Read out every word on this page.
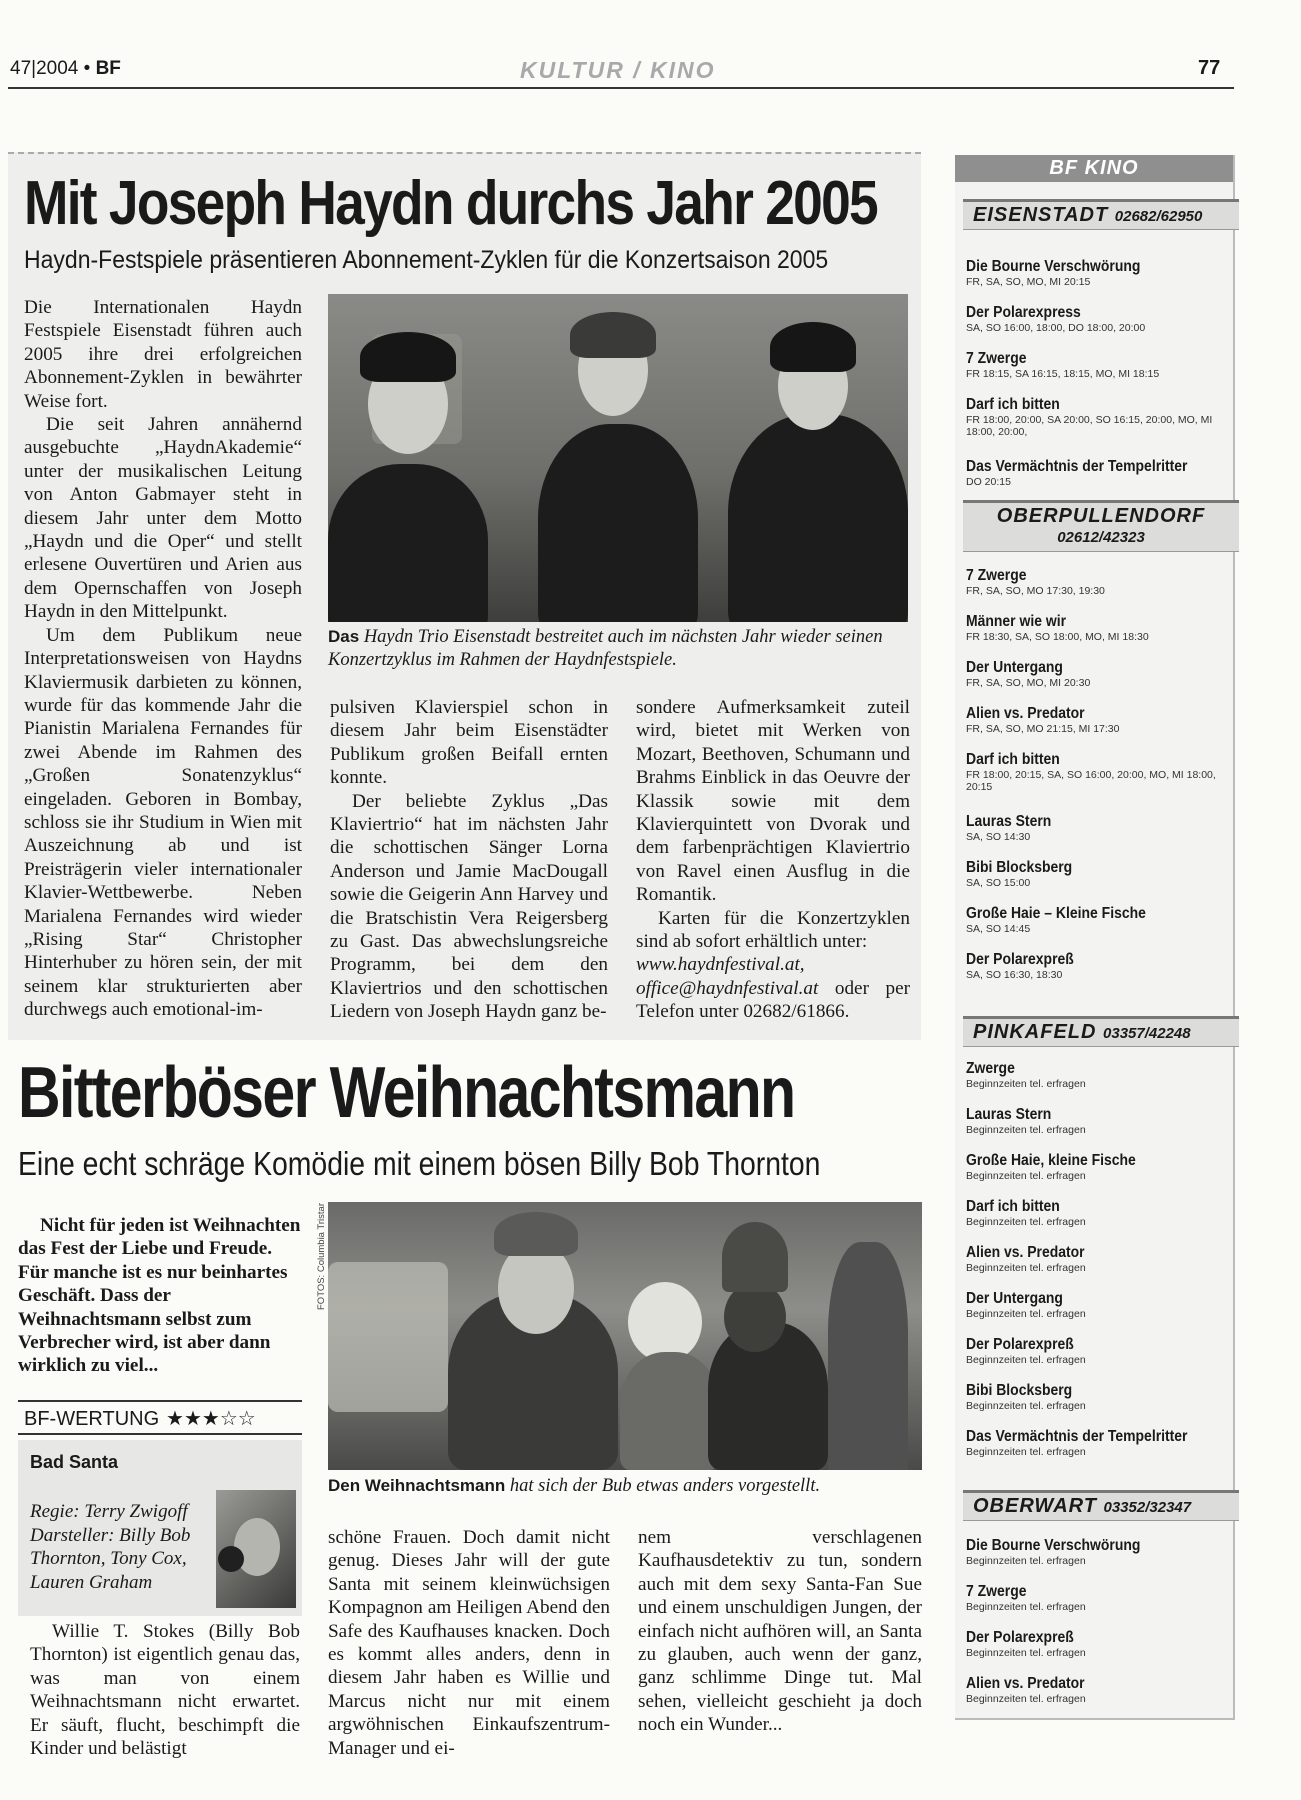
47|2004 • BF	KULTUR / KINO	77
Mit Joseph Haydn durchs Jahr 2005
Haydn-Festspiele präsentieren Abonnement-Zyklen für die Konzertsaison 2005

Die Internationalen Haydn Festspiele Eisenstadt führen auch 2005 ihre drei erfolgreichen Abonnement-Zyklen in bewährter Weise fort.

Die seit Jahren annähernd ausgebuchte „HaydnAkademie“ unter der musikalischen Leitung von Anton Gabmayer steht in diesem Jahr unter dem Motto „Haydn und die Oper“ und stellt erlesene Ouvertüren und Arien aus dem Opernschaffen von Joseph Haydn in den Mittelpunkt.

Um dem Publikum neue Interpretationsweisen von Haydns Klaviermusik darbieten zu können, wurde für das kommende Jahr die Pianistin Marialena Fernandes für zwei Abende im Rahmen des „Großen Sonatenzyklus“ eingeladen. Geboren in Bombay, schloss sie ihr Studium in Wien mit Auszeichnung ab und ist Preisträgerin vieler internationaler Klavier-Wettbewerbe. Neben Marialena Fernandes wird wieder „Rising Star“ Christopher Hinterhuber zu hören sein, der mit seinem klar strukturierten aber durchwegs auch emotional-im-

Das Haydn Trio Eisenstadt bestreitet auch im nächsten Jahr wieder seinen Konzertzyklus im Rahmen der Haydnfestspiele.

pulsiven Klavierspiel schon in diesem Jahr beim Eisenstädter Publikum großen Beifall ernten konnte.

Der beliebte Zyklus „Das Klaviertrio“ hat im nächsten Jahr die schottischen Sänger Lorna Anderson und Jamie MacDougall sowie die Geigerin Ann Harvey und die Bratschistin Vera Reigersberg zu Gast. Das abwechslungsreiche Programm, bei dem den Klaviertrios und den schottischen Liedern von Joseph Haydn ganz be-

sondere Aufmerksamkeit zuteil wird, bietet mit Werken von Mozart, Beethoven, Schumann und Brahms Einblick in das Oeuvre der Klassik sowie mit dem Klavierquintett von Dvorak und dem farbenprächtigen Klaviertrio von Ravel einen Ausflug in die Romantik.

Karten für die Konzertzyklen sind ab sofort erhältlich unter:

www.haydnfestival.at,

office@haydnfestival.at oder per Telefon unter 02682/61866.

Bitterböser Weihnachtsmann
Eine echt schräge Komödie mit einem bösen Billy Bob Thornton

Nicht für jeden ist Weihnachten das Fest der Liebe und Freude. Für manche ist es nur beinhartes Geschäft. Dass der Weihnachtsmann selbst zum Verbrecher wird, ist aber dann wirklich zu viel...

BF-WERTUNG ★★★☆☆
Bad Santa
Regie: Terry Zwigoff
Darsteller: Billy Bob Thornton, Tony Cox, Lauren Graham

Willie T. Stokes (Billy Bob Thornton) ist eigentlich genau das, was man von einem Weihnachtsmann nicht erwartet. Er säuft, flucht, beschimpft die Kinder und belästigt

FOTOS: Columbia Tristar
Den Weihnachtsmann hat sich der Bub etwas anders vorgestellt.

schöne Frauen. Doch damit nicht genug. Dieses Jahr will der gute Santa mit seinem kleinwüchsigen Kompagnon am Heiligen Abend den Safe des Kaufhauses knacken. Doch es kommt alles anders, denn in diesem Jahr haben es Willie und Marcus nicht nur mit einem argwöhnischen Einkaufszentrum-Manager und ei-

nem verschlagenen Kaufhausdetektiv zu tun, sondern auch mit dem sexy Santa-Fan Sue und einem unschuldigen Jungen, der einfach nicht aufhören will, an Santa zu glauben, auch wenn der ganz, ganz schlimme Dinge tut. Mal sehen, vielleicht geschieht ja doch noch ein Wunder...

BF KINO
EISENSTADT 02682/62950
Die Bourne Verschwörung
FR, SA, SO, MO, MI 20:15
Der Polarexpress
SA, SO 16:00, 18:00, DO 18:00, 20:00
7 Zwerge
FR 18:15, SA 16:15, 18:15, MO, MI 18:15
Darf ich bitten
FR 18:00, 20:00, SA 20:00, SO 16:15, 20:00, MO, MI 18:00, 20:00,
Das Vermächtnis der Tempelritter
DO 20:15
OBERPULLENDORF
02612/42323
7 Zwerge
FR, SA, SO, MO 17:30, 19:30
Männer wie wir
FR 18:30, SA, SO 18:00, MO, MI 18:30
Der Untergang
FR, SA, SO, MO, MI 20:30
Alien vs. Predator
FR, SA, SO, MO 21:15, MI 17:30
Darf ich bitten
FR 18:00, 20:15, SA, SO 16:00, 20:00, MO, MI 18:00, 20:15
Lauras Stern
SA, SO 14:30
Bibi Blocksberg
SA, SO 15:00
Große Haie – Kleine Fische
SA, SO 14:45
Der Polarexpreß
SA, SO 16:30, 18:30
PINKAFELD 03357/42248
Zwerge
Beginnzeiten tel. erfragen
Lauras Stern
Beginnzeiten tel. erfragen
Große Haie, kleine Fische
Beginnzeiten tel. erfragen
Darf ich bitten
Beginnzeiten tel. erfragen
Alien vs. Predator
Beginnzeiten tel. erfragen
Der Untergang
Beginnzeiten tel. erfragen
Der Polarexpreß
Beginnzeiten tel. erfragen
Bibi Blocksberg
Beginnzeiten tel. erfragen
Das Vermächtnis der Tempelritter
Beginnzeiten tel. erfragen
OBERWART 03352/32347
Die Bourne Verschwörung
Beginnzeiten tel. erfragen
7 Zwerge
Beginnzeiten tel. erfragen
Der Polarexpreß
Beginnzeiten tel. erfragen
Alien vs. Predator
Beginnzeiten tel. erfragen
